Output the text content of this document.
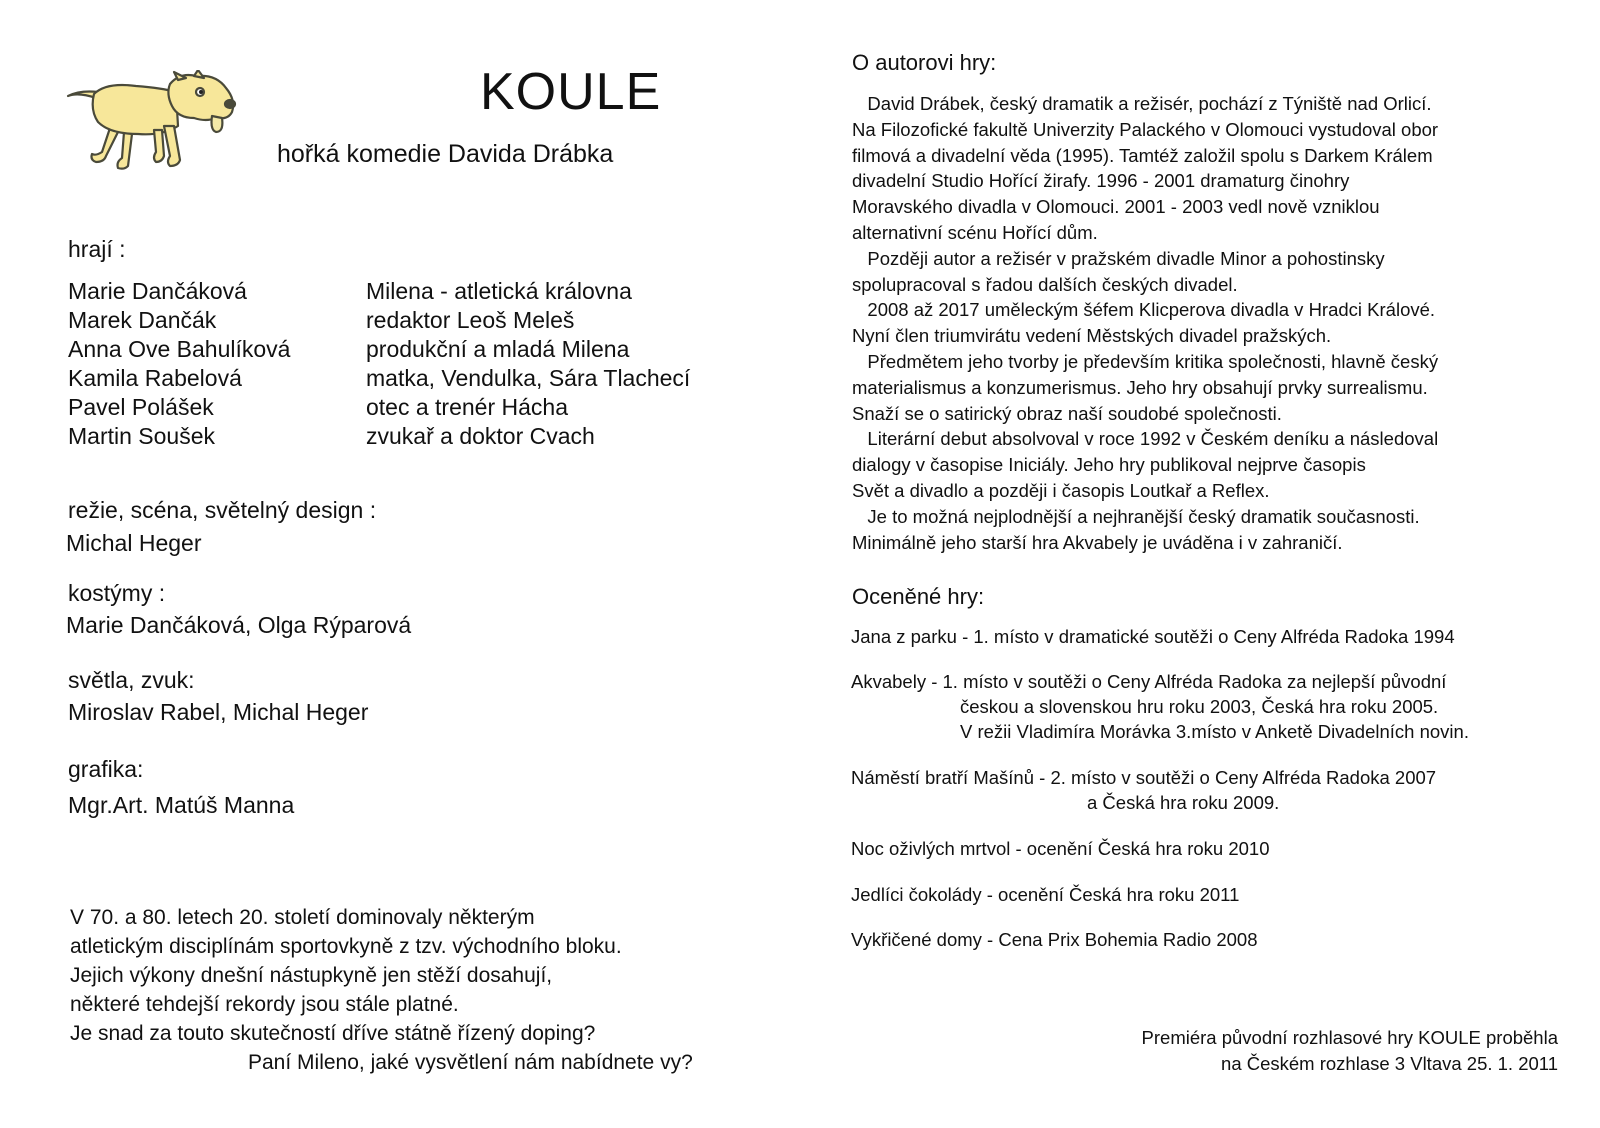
KOULE
hořká komedie Davida Drábka
hrají :
Marie Dančáková	Milena - atletická královna
Marek Dančák	redaktor Leoš Meleš
Anna Ove Bahulíková	produkční a mladá Milena
Kamila Rabelová	matka, Vendulka, Sára Tlachecí
Pavel Polášek	otec a trenér Hácha
Martin Soušek	zvukař a doktor Cvach
režie, scéna, světelný design :
Michal Heger
kostýmy :
Marie Dančáková, Olga Rýparová
světla, zvuk:
Miroslav Rabel, Michal Heger
grafika:
Mgr.Art. Matúš Manna
V 70. a 80. letech 20. století dominovaly některým
atletickým disciplínám sportovkyně z tzv. východního bloku.
Jejich výkony dnešní nástupkyně jen stěží dosahují,
některé tehdejší rekordy jsou stále platné.
Je snad za touto skutečností dříve státně řízený doping?
Paní Mileno, jaké vysvětlení nám nabídnete vy?
O autorovi hry:
David Drábek, český dramatik a režisér, pochází z Týniště nad Orlicí.
Na Filozofické fakultě Univerzity Palackého v Olomouci vystudoval obor
filmová a divadelní věda (1995). Tamtéž založil spolu s Darkem Králem
divadelní Studio Hořící žirafy. 1996 - 2001 dramaturg činohry
Moravského divadla v Olomouci. 2001 - 2003 vedl nově vzniklou
alternativní scénu Hořící dům.
Později autor a režisér v pražském divadle Minor a pohostinsky
spolupracoval s řadou dalších českých divadel.
2008 až 2017 uměleckým šéfem Klicperova divadla v Hradci Králové.
Nyní člen triumvirátu vedení Městských divadel pražských.
Předmětem jeho tvorby je především kritika společnosti, hlavně český
materialismus a konzumerismus. Jeho hry obsahují prvky surrealismu.
Snaží se o satirický obraz naší soudobé společnosti.
Literární debut absolvoval v roce 1992 v Českém deníku a následoval
dialogy v časopise Iniciály. Jeho hry publikoval nejprve časopis
Svět a divadlo a později i časopis Loutkař a Reflex.
Je to možná nejplodnější a nejhranější český dramatik současnosti.
Minimálně jeho starší hra Akvabely je uváděna i v zahraničí.
Oceněné hry:
Jana z parku - 1. místo v dramatické soutěži o Ceny Alfréda Radoka 1994
Akvabely - 1. místo v soutěži o Ceny Alfréda Radoka za nejlepší původní
českou a slovenskou hru roku 2003, Česká hra roku 2005.
V režii Vladimíra Morávka 3.místo v Anketě Divadelních novin.
Náměstí bratří Mašínů - 2. místo v soutěži o Ceny Alfréda Radoka 2007
a Česká hra roku 2009.
Noc oživlých mrtvol - ocenění Česká hra roku 2010
Jedlíci čokolády - ocenění Česká hra roku 2011
Vykřičené domy - Cena Prix Bohemia Radio 2008
Premiéra původní rozhlasové hry KOULE proběhla
na Českém rozhlase 3 Vltava 25. 1. 2011
